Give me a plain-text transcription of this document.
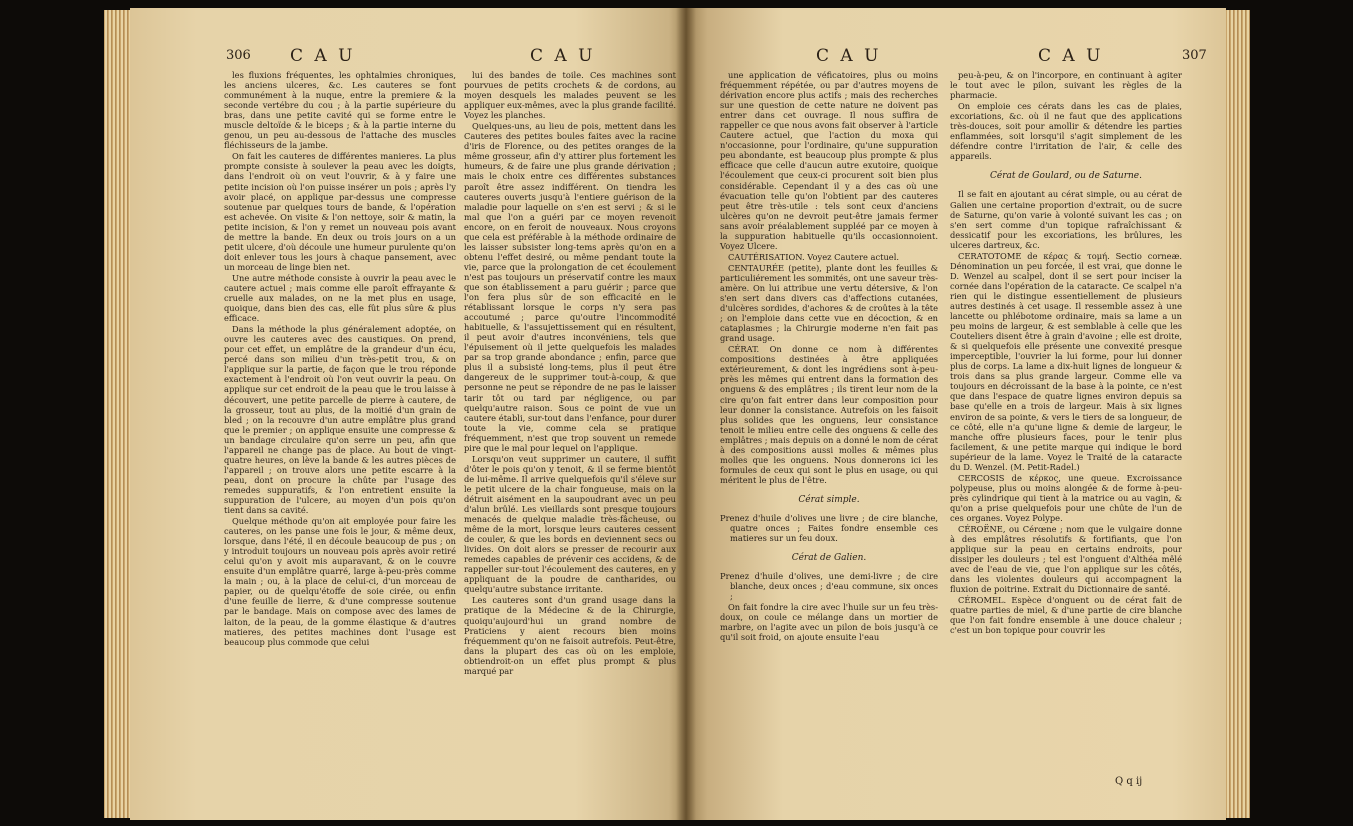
306 C A U	C A U

les fluxions fréquentes, les ophtalmies chroniques, les anciens ulceres, &c. Les cauteres se font communément à la nuque, entre la premiere & la seconde vertébre du cou ; à la partie supérieure du bras, dans une petite cavité qui se forme entre le muscle deltoïde & le biceps ; & à la partie interne du genou, un peu au-dessous de l'attache des muscles fléchisseurs de la jambe.

On fait les cauteres de différentes manieres. La plus prompte consiste à soulever la peau avec les doigts, dans l'endroit où on veut l'ouvrir, & à y faire une petite incision où l'on puisse insérer un pois ; après l'y avoir placé, on applique par-dessus une compresse soutenue par quelques tours de bande, & l'opération est achevée. On visite & l'on nettoye, soir & matin, la petite incision, & l'on y remet un nouveau pois avant de mettre la bande. En deux ou trois jours on a un petit ulcere, d'où découle une humeur purulente qu'on doit enlever tous les jours à chaque pansement, avec un morceau de linge bien net.

Une autre méthode consiste à ouvrir la peau avec le cautere actuel ; mais comme elle paroît effrayante & cruelle aux malades, on ne la met plus en usage, quoique, dans bien des cas, elle fût plus sûre & plus efficace.

Dans la méthode la plus généralement adoptée, on ouvre les cauteres avec des caustiques. On prend, pour cet effet, un emplâtre de la grandeur d'un écu, percé dans son milieu d'un très-petit trou, & on l'applique sur la partie, de façon que le trou réponde exactement à l'endroit où l'on veut ouvrir la peau. On applique sur cet endroit de la peau que le trou laisse à découvert, une petite parcelle de pierre à cautere, de la grosseur, tout au plus, de la moitié d'un grain de bled ; on la recouvre d'un autre emplâtre plus grand que le premier ; on applique ensuite une compresse & un bandage circulaire qu'on serre un peu, afin que l'appareil ne change pas de place. Au bout de vingt-quatre heures, on lève la bande & les autres pièces de l'appareil ; on trouve alors une petite escarre à la peau, dont on procure la chûte par l'usage des remedes suppuratifs, & l'on entretient ensuite la suppuration de l'ulcere, au moyen d'un pois qu'on tient dans sa cavité.

Quelque méthode qu'on ait employée pour faire les cauteres, on les panse une fois le jour, & même deux, lorsque, dans l'été, il en découle beaucoup de pus ; on y introduit toujours un nouveau pois après avoir retiré celui qu'on y avoit mis auparavant, & on le couvre ensuite d'un emplâtre quarré, large à-peu-près comme la main ; ou, à la place de celui-ci, d'un morceau de papier, ou de quelqu'étoffe de soie cirée, ou enfin d'une feuille de lierre, & d'une compresse soutenue par le bandage. Mais on compose avec des lames de laiton, de la peau, de la gomme élastique & d'autres matieres, des petites machines dont l'usage est beaucoup plus commode que celui

lui des bandes de toile. Ces machines sont pourvues de petits crochets & de cordons, au moyen desquels les malades peuvent se les appliquer eux-mêmes, avec la plus grande facilité. Voyez les planches.

Quelques-uns, au lieu de pois, mettent dans les Cauteres des petites boules faites avec la racine d'iris de Florence, ou des petites oranges de la même grosseur, afin d'y attirer plus fortement les humeurs, & de faire une plus grande dérivation ; mais le choix entre ces différentes substances paroît être assez indifférent. On tiendra les cauteres ouverts jusqu'à l'entiere guérison de la maladie pour laquelle on s'en est servi ; & si le mal que l'on a guéri par ce moyen revenoit encore, on en feroit de nouveaux. Nous croyons que cela est préférable à la méthode ordinaire de les laisser subsister long-tems après qu'on en a obtenu l'effet desiré, ou même pendant toute la vie, parce que la prolongation de cet écoulement n'est pas toujours un préservatif contre les maux que son établissement a paru guérir ; parce que l'on fera plus sûr de son efficacité en le rétablissant lorsque le corps n'y sera pas accoutumé ; parce qu'outre l'incommodité habituelle, & l'assujettissement qui en résultent, il peut avoir d'autres inconvéniens, tels que l'épuisement où il jette quelquefois les malades par sa trop grande abondance ; enfin, parce que plus il a subsisté long-tems, plus il peut être dangereux de le supprimer tout-à-coup, & que personne ne peut se répondre de ne pas le laisser tarir tôt ou tard par négligence, ou par quelqu'autre raison. Sous ce point de vue un cautere établi, sur-tout dans l'enfance, pour durer toute la vie, comme cela se pratique fréquemment, n'est que trop souvent un remede pire que le mal pour lequel on l'applique.

Lorsqu'on veut supprimer un cautere, il suffit d'ôter le pois qu'on y tenoit, & il se ferme bientôt de lui-même. Il arrive quelquefois qu'il s'éleve sur le petit ulcere de la chair fongueuse, mais on la détruit aisément en la saupoudrant avec un peu d'alun brûlé. Les vieillards sont presque toujours menacés de quelque maladie très-fâcheuse, ou même de la mort, lorsque leurs cauteres cessent de couler, & que les bords en deviennent secs ou livides. On doit alors se presser de recourir aux remedes capables de prévenir ces accidens, & de rappeller sur-tout l'écoulement des cauteres, en y appliquant de la poudre de cantharides, ou quelqu'autre substance irritante.

Les cauteres sont d'un grand usage dans la pratique de la Médecine & de la Chirurgie, quoiqu'aujourd'hui un grand nombre de Praticiens y aient recours bien moins fréquemment qu'on ne faisoit autrefois. Peut-être, dans la plupart des cas où on les emploie, obtiendroit-on un effet plus prompt & plus marqué par

C A U	C A U	307

une application de véficatoires, plus ou moins fréquemment répétée, ou par d'autres moyens de dérivation encore plus actifs ; mais des recherches sur une question de cette nature ne doivent pas entrer dans cet ouvrage. Il nous suffira de rappeller ce que nous avons fait observer à l'article Cautere actuel, que l'action du moxa qui n'occasionne, pour l'ordinaire, qu'une suppuration peu abondante, est beaucoup plus prompte & plus efficace que celle d'aucun autre exutoire, quoique l'écoulement que ceux-ci procurent soit bien plus considérable. Cependant il y a des cas où une évacuation telle qu'on l'obtient par des cauteres peut être très-utile : tels sont ceux d'anciens ulcères qu'on ne devroit peut-être jamais fermer sans avoir préalablement suppléé par ce moyen à la suppuration habituelle qu'ils occasionnoient. Voyez Ulcere.

CAUTÉRISATION. Voyez Cautere actuel.

CENTAURÉE (petite), plante dont les feuilles & particuliérement les sommités, ont une saveur très-amère. On lui attribue une vertu détersive, & l'on s'en sert dans divers cas d'affections cutanées, d'ulcères sordides, d'achores & de croûtes à la tête ; on l'emploie dans cette vue en décoction, & en cataplasmes ; la Chirurgie moderne n'en fait pas grand usage.

CÉRAT. On donne ce nom à différentes compositions destinées à être appliquées extérieurement, & dont les ingrédiens sont à-peu-près les mêmes qui entrent dans la formation des onguens & des emplâtres ; ils tirent leur nom de la cire qu'on fait entrer dans leur composition pour leur donner la consistance. Autrefois on les faisoit plus solides que les onguens, leur consistance tenoit le milieu entre celle des onguens & celle des emplâtres ; mais depuis on a donné le nom de cérat à des compositions aussi molles & mêmes plus molles que les onguens. Nous donnerons ici les formules de ceux qui sont le plus en usage, ou qui méritent le plus de l'être.

Cérat simple.

Prenez d'huile d'olives une livre ; de cire blanche, quatre onces ; Faites fondre ensemble ces matieres sur un feu doux.

Cérat de Galien.

Prenez d'huile d'olives, une demi-livre ; de cire blanche, deux onces ; d'eau commune, six onces ;

On fait fondre la cire avec l'huile sur un feu très-doux, on coule ce mélange dans un mortier de marbre, on l'agite avec un pilon de bois jusqu'à ce qu'il soit froid, on ajoute ensuite l'eau

peu-à-peu, & on l'incorpore, en continuant à agiter le tout avec le pilon, suivant les règles de la pharmacie.

On emploie ces cérats dans les cas de plaies, excoriations, &c. où il ne faut que des applications très-douces, soit pour amollir & détendre les parties enflammées, soit lorsqu'il s'agit simplement de les défendre contre l'irritation de l'air, & celle des appareils.

Cérat de Goulard, ou de Saturne.

Il se fait en ajoutant au cérat simple, ou au cérat de Galien une certaine proportion d'extrait, ou de sucre de Saturne, qu'on varie à volonté suivant les cas ; on s'en sert comme d'un topique rafraîchissant & dessicatif pour les excoriations, les brûlures, les ulceres dartreux, &c.

CERATOTOME de κέρας & τομή. Sectio corneæ. Dénomination un peu forcée, il est vrai, que donne le D. Wenzel au scalpel, dont il se sert pour inciser la cornée dans l'opération de la cataracte. Ce scalpel n'a rien qui le distingue essentiellement de plusieurs autres destinés à cet usage. Il ressemble assez à une lancette ou phlébotome ordinaire, mais sa lame a un peu moins de largeur, & est semblable à celle que les Couteliers disent être à grain d'avoine ; elle est droite, & si quelquefois elle présente une convexité presque imperceptible, l'ouvrier la lui forme, pour lui donner plus de corps. La lame a dix-huit lignes de longueur & trois dans sa plus grande largeur. Comme elle va toujours en décroissant de la base à la pointe, ce n'est que dans l'espace de quatre lignes environ depuis sa base qu'elle en a trois de largeur. Mais à six lignes environ de sa pointe, & vers le tiers de sa longueur, de ce côté, elle n'a qu'une ligne & demie de largeur, le manche offre plusieurs faces, pour le tenir plus facilement, & une petite marque qui indique le bord supérieur de la lame. Voyez le Traité de la cataracte du D. Wenzel. (M. Petit-Radel.)

CERCOSIS de κέρκος, une queue. Excroissance polypeuse, plus ou moins alongée & de forme à-peu-près cylindrique qui tient à la matrice ou au vagin, & qu'on a prise quelquefois pour une chûte de l'un de ces organes. Voyez Polype.

CÉROËNE, ou Cérœne ; nom que le vulgaire donne à des emplâtres résolutifs & fortifiants, que l'on applique sur la peau en certains endroits, pour dissiper les douleurs ; tel est l'onguent d'Althéa mêlé avec de l'eau de vie, que l'on applique sur les côtés, dans les violentes douleurs qui accompagnent la fluxion de poitrine. Extrait du Dictionnaire de santé.

CÉROMEL. Espèce d'onguent ou de cérat fait de quatre parties de miel, & d'une partie de cire blanche que l'on fait fondre ensemble à une douce chaleur ; c'est un bon topique pour couvrir les

Q q ij
